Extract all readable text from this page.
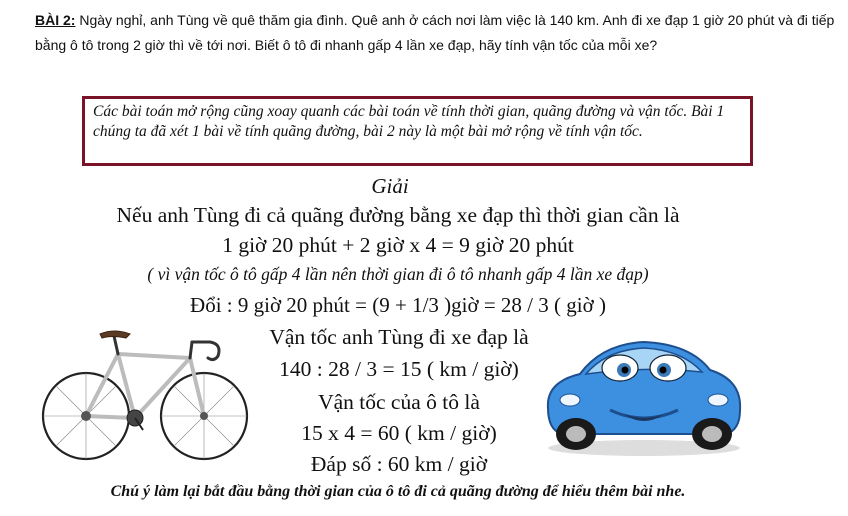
BÀI 2: Ngày nghỉ, anh Tùng về quê thăm gia đình. Quê anh ở cách nơi làm việc là 140 km. Anh đi xe đạp 1 giờ 20 phút và đi tiếp bằng ô tô trong 2 giờ thì về tới nơi. Biết ô tô đi nhanh gấp 4 lần xe đạp, hãy tính vận tốc của mỗi xe?
Các bài toán mở rộng cũng xoay quanh các bài toán về tính thời gian, quãng đường và vận tốc. Bài 1 chúng ta đã xét 1 bài về tính quãng đường, bài 2 này là một bài mở rộng về tính vận tốc.
Giải
Nếu anh Tùng đi cả quãng đường bằng xe đạp thì thời gian cần là
1 giờ 20 phút + 2 giờ x 4 = 9 giờ 20 phút
( vì vận tốc ô tô gấp 4 lần nên thời gian đi ô tô nhanh gấp 4 lần xe đạp)
Đổi : 9 giờ 20 phút = (9 + 1/3 )giờ = 28 / 3 ( giờ )
Vận tốc anh Tùng đi xe đạp là
140 : 28 / 3 = 15 ( km / giờ)
Vận tốc của ô tô là
15 x 4 = 60 ( km / giờ)
Đáp số : 60 km / giờ
Chú ý làm lại bắt đầu bằng thời gian của ô tô đi cả quãng đường để hiểu thêm bài nhe.
